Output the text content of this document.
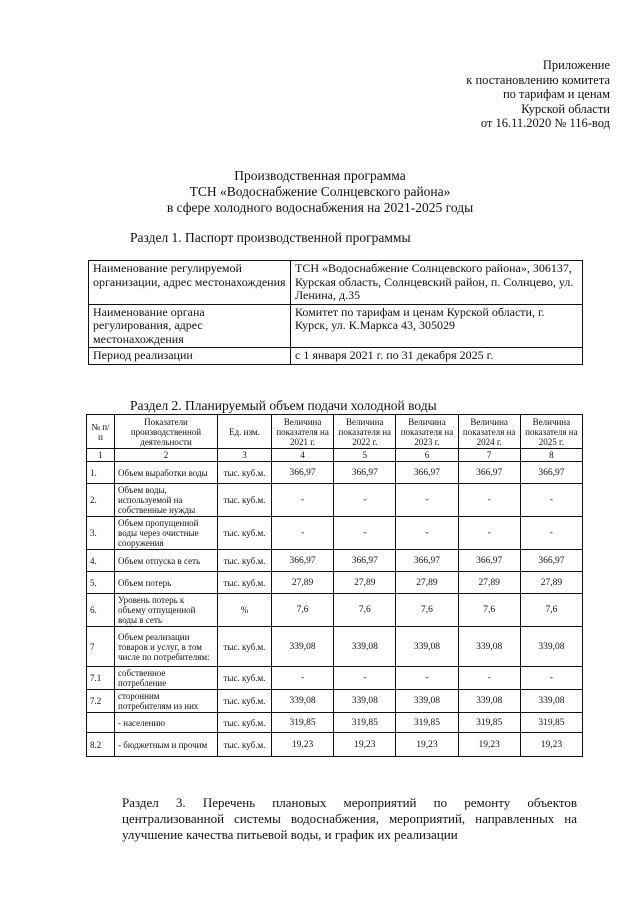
Приложение
к постановлению комитета
по тарифам и ценам
Курской области
от 16.11.2020 № 116-вод
Производственная программа
ТСН «Водоснабжение Солнцевского района»
в сфере холодного водоснабжения на 2021-2025 годы
Раздел 1. Паспорт производственной программы
Наименование регулируемой организации, адрес местонахождения	ТСН «Водоснабжение Солнцевского района», 306137, Курская область, Солнцевский район, п. Солнцево, ул. Ленина, д.35
Наименование органа регулирования, адрес местонахождения	Комитет по тарифам и ценам Курской области, г. Курск, ул. К.Маркса 43, 305029
Период реализации	с 1 января 2021 г. по 31 декабря 2025 г.
Раздел 2. Планируемый объем подачи холодной воды
№ п/п	Показатели производственной деятельности	Ед. изм.	Величина показателя на 2021 г.	Величина показателя на 2022 г.	Величина показателя на 2023 г.	Величина показателя на 2024 г.	Величина показателя на 2025 г.
1	2	3	4	5	6	7	8
1.	Объем выработки воды	тыс. куб.м.	366,97	366,97	366,97	366,97	366,97
2.	Объем воды, используемой на собственные нужды	тыс. куб.м.	-	-	-	-	-
3.	Объем пропущенной воды через очистные сооружения	тыс. куб.м.	-	-	-	-	-
4.	Объем отпуска в сеть	тыс. куб.м.	366,97	366,97	366,97	366,97	366,97
5.	Объем потерь	тыс. куб.м.	27,89	27,89	27,89	27,89	27,89
6.	Уровень потерь к объему отпущенной воды в сеть	%	7,6	7,6	7,6	7,6	7,6
7	Объем реализации товаров и услуг, в том числе по потребителям:	тыс. куб.м.	339,08	339,08	339,08	339,08	339,08
7.1	собственное потребление	тыс. куб.м.	-	-	-	-	-
7.2	сторонним потребителям из них	тыс. куб.м.	339,08	339,08	339,08	339,08	339,08
	- населению	тыс. куб.м.	319,85	319,85	319,85	319,85	319,85
8.2	- бюджетным и прочим	тыс. куб.м.	19,23	19,23	19,23	19,23	19,23
Раздел 3. Перечень плановых мероприятий по ремонту объектов централизованной системы водоснабжения, мероприятий, направленных на улучшение качества питьевой воды, и график их реализации
